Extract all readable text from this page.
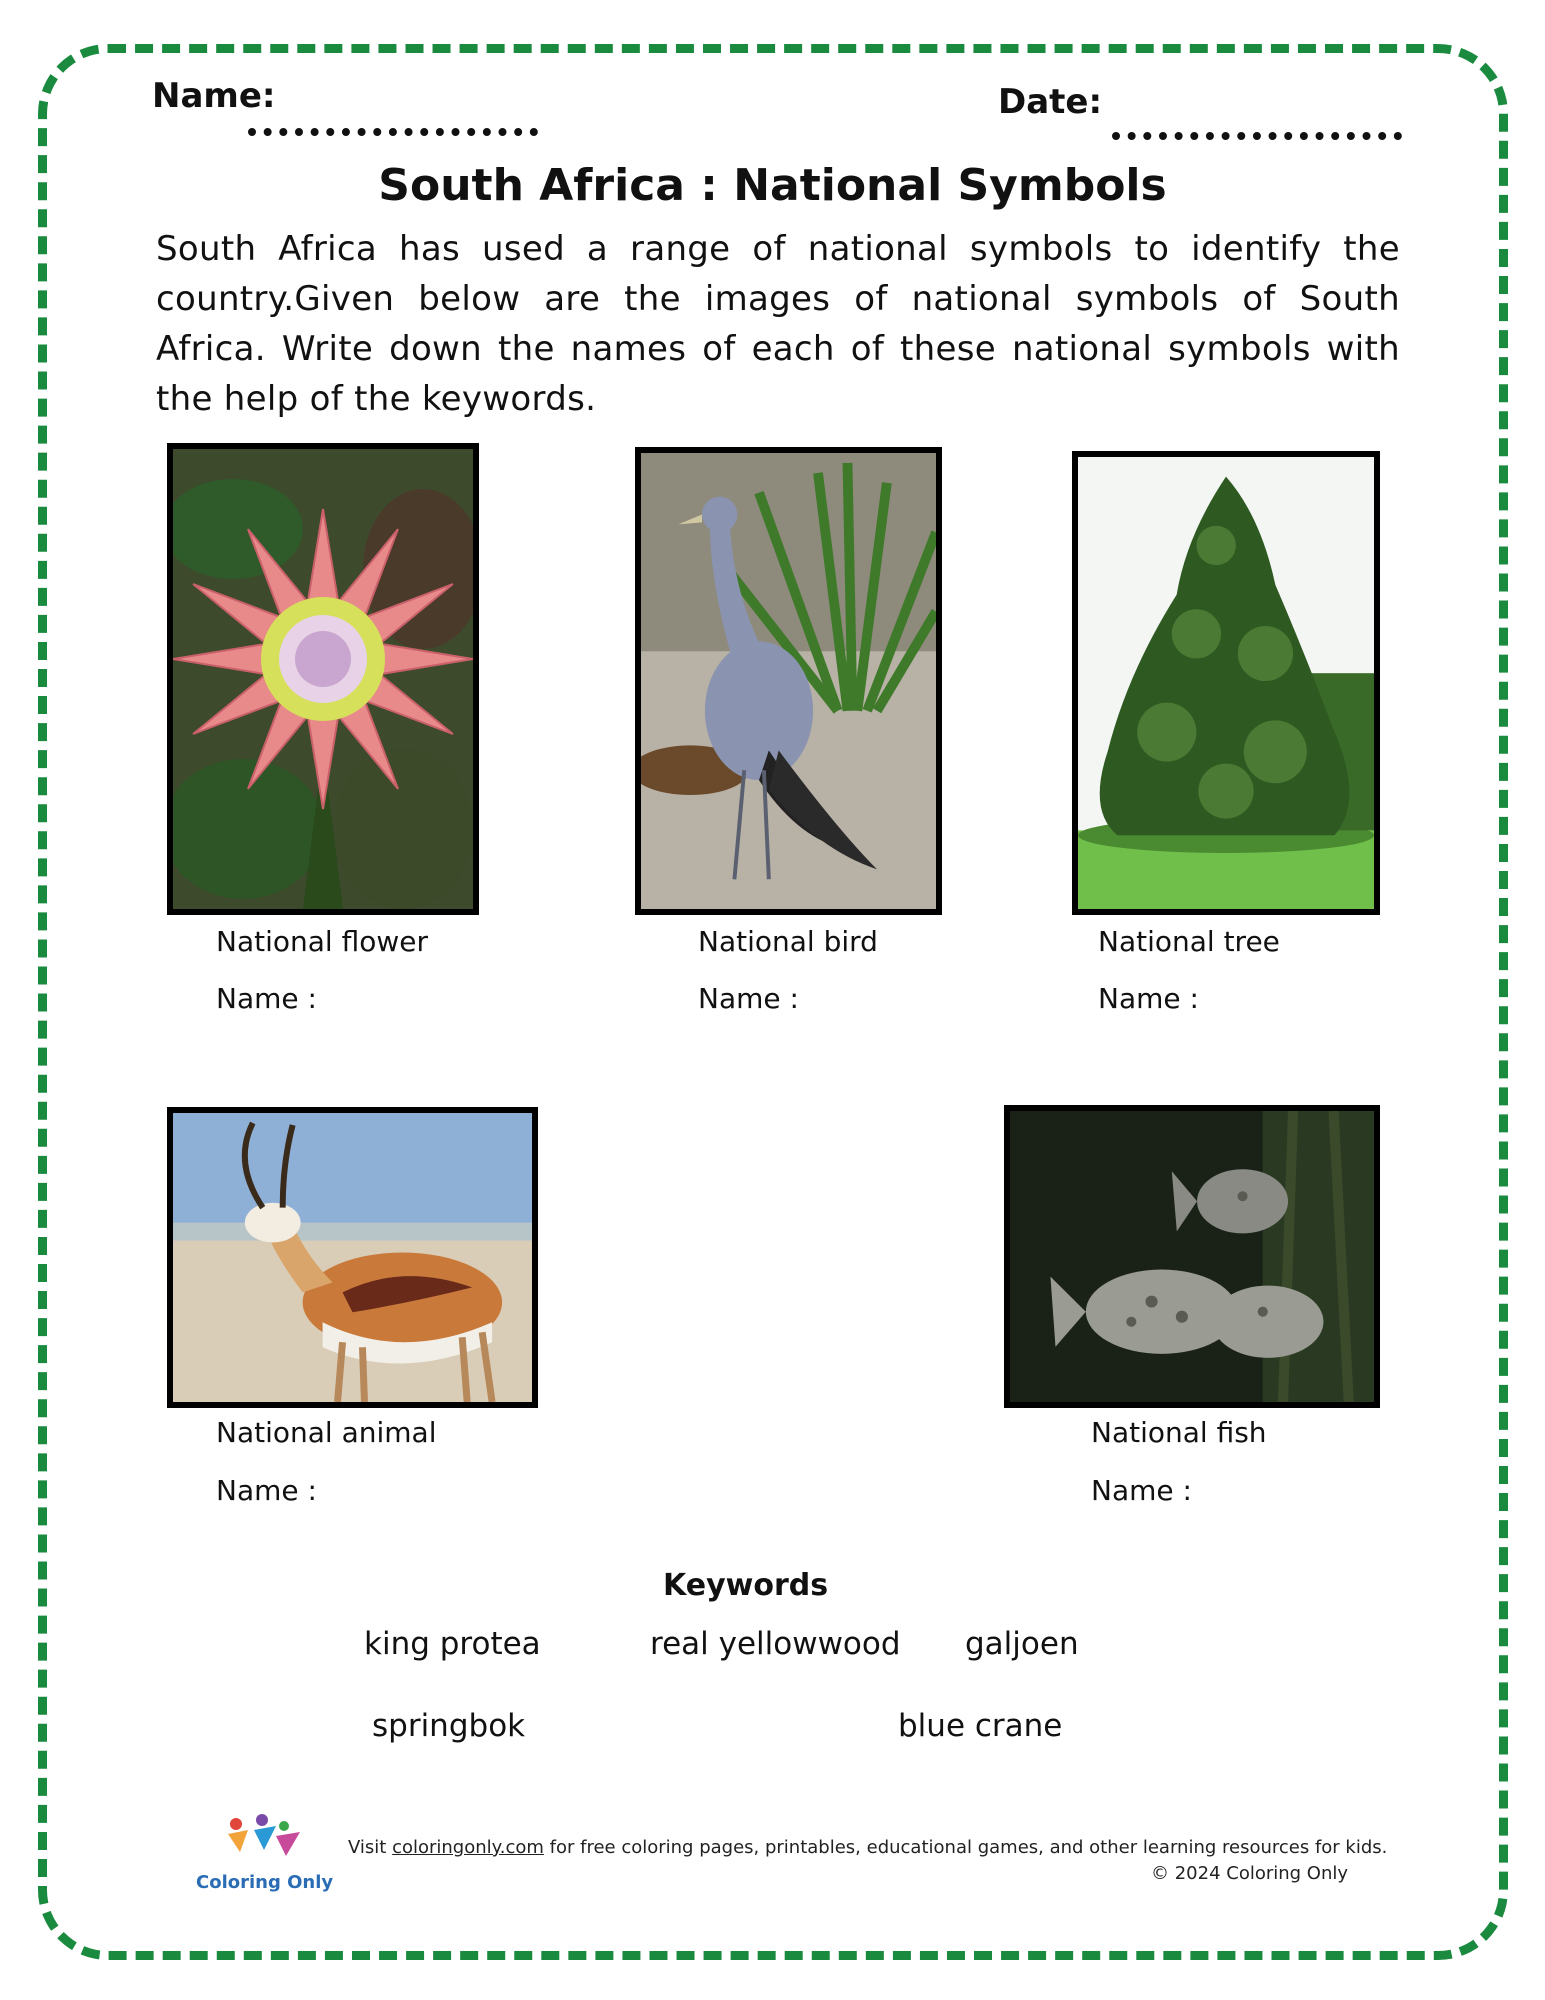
Name:	Date:
South Africa : National Symbols
South Africa has used a range of national symbols to identify the country.Given below are the images of national symbols of South Africa. Write down the names of each of these national symbols with the help of the keywords.
National flower
Name :
National bird
Name :
National tree
Name :
National animal
Name :
National fish
Name :
Keywords
king protea	real yellowwood galjoen
springbok	blue crane
Coloring Only
Visit coloringonly.com for free coloring pages, printables, educational games, and other learning resources for kids.
© 2024 Coloring Only
